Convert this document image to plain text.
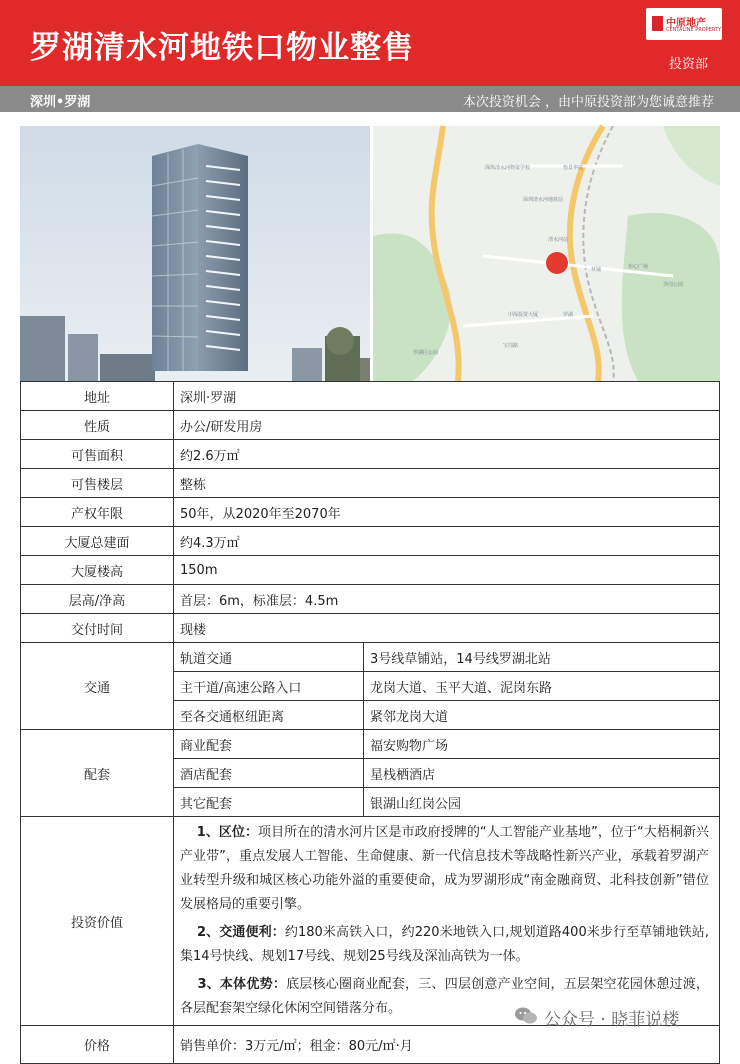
罗湖清水河地铁口物业整售
中原地产
CENTALINE PROPERTY
投资部
深圳•罗湖	本次投资机会 ，由中原投资部为您诚意推荐
深圳清水河物资学校	怡景华庭
深圳清水河地铁站
草铺	布心广场
笋岗公园
清水河站
中深投资大厦
罗湖区公园
宝岗路
罗湖
地址	深圳·罗湖	
性质	办公/研发用房	
可售面积	约2.6万㎡	
可售楼层	整栋	
产权年限	50年，从2020年至2070年	
大厦总建面	约4.3万㎡	
大厦楼高	150m	
层高/净高	首层：6m，标准层：4.5m	
交付时间	现楼	
交通	轨道交通	3号线草铺站，14号线罗湖北站
	主干道/高速公路入口	龙岗大道、玉平大道、泥岗东路
	至各交通枢纽距离	紧邻龙岗大道
配套	商业配套	福安购物广场
	酒店配套	星栈栖酒店
	其它配套	银湖山红岗公园
投资价值	1、区位：项目所在的清水河片区是市政府授牌的“人工智能产业基地”，位于“大梧桐新兴产业带”，重点发展人工智能、生命健康、新一代信息技术等战略性新兴产业，承载着罗湖产业转型升级和城区核心功能外溢的重要使命，成为罗湖形成“南金融商贸、北科技创新”错位发展格局的重要引擎。
2、交通便利：约180米高铁入口，约220米地铁入口,规划道路400米步行至草铺地铁站,集14号快线、规划17号线、规划25号线及深汕高铁为一体。
3、本体优势：底层核心圈商业配套，三、四层创意产业空间，五层架空花园休憩过渡，各层配套架空绿化休闲空间错落分布。	

价格	销售单价：3万元/㎡；租金：80元/㎡·月	
公众号 · 晓菲说楼
